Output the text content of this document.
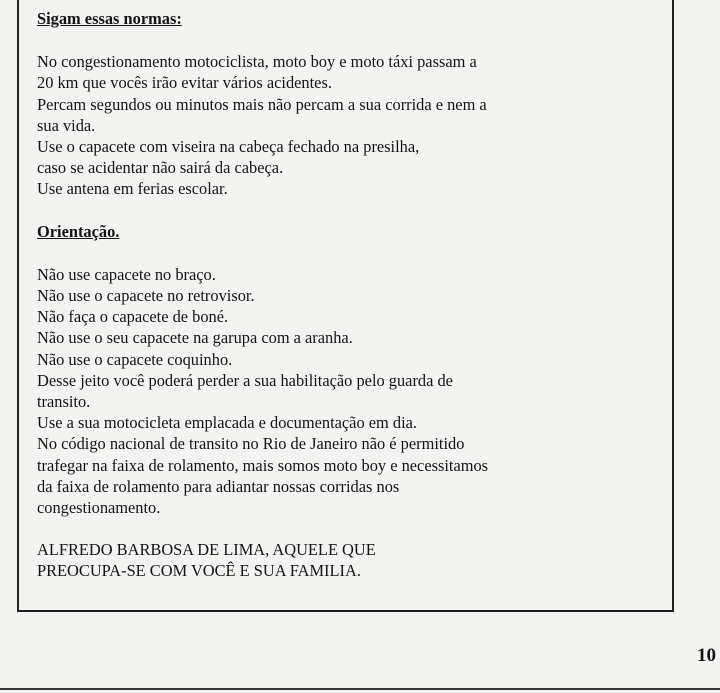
Sigam essas normas:
No congestionamento motociclista, moto boy e moto táxi passam a
20 km que vocês irão evitar vários acidentes.
Percam segundos ou minutos mais não percam a sua corrida e nem a
sua vida.
Use o capacete com viseira na cabeça fechado na presilha,
caso se acidentar não sairá da cabeça.
Use antena em ferias escolar.
Orientação.
Não use capacete no braço.
Não use o capacete no retrovisor.
Não faça o capacete de boné.
Não use o seu capacete na garupa com a aranha.
Não use o capacete coquinho.
Desse jeito você poderá perder a sua habilitação pelo guarda de
transito.
Use a sua motocicleta emplacada e documentação em dia.
No código nacional de transito no Rio de Janeiro não é permitido
trafegar na faixa de rolamento, mais somos moto boy e necessitamos
da faixa de rolamento para adiantar nossas corridas nos
congestionamento.
ALFREDO BARBOSA DE LIMA, AQUELE QUE
PREOCUPA-SE COM VOCÊ E SUA FAMILIA.
10
